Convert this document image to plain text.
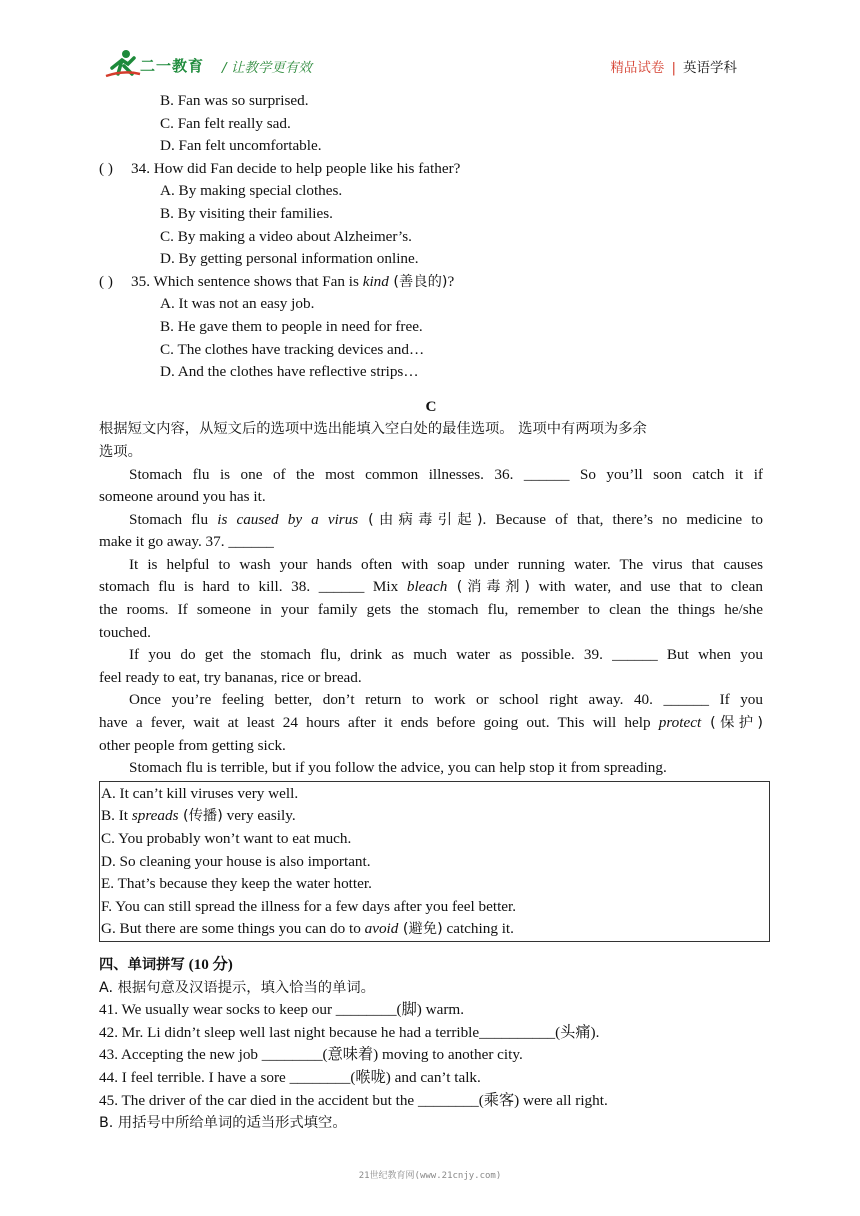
二一教育 / 让教学更有效	精品试卷 | 英语学科
B. Fan was so surprised.
C. Fan felt really sad.
D. Fan felt uncomfortable.
( ) 34. How did Fan decide to help people like his father?
A. By making special clothes.
B. By visiting their families.
C. By making a video about Alzheimer’s.
D. By getting personal information online.
( ) 35. Which sentence shows that Fan is kind (善良的)?
A. It was not an easy job.
B. He gave them to people in need for free.
C. The clothes have tracking devices and…
D. And the clothes have reflective strips…
C
根据短文内容，从短文后的选项中选出能填入空白处的最佳选项。 选项中有两项为多余
选项。
Stomach flu is one of the most common illnesses. 36. ______ So you’ll soon catch it if
someone around you has it.
Stomach flu is caused by a virus (由病毒引起). Because of that, there’s no medicine to
make it go away. 37. ______
It is helpful to wash your hands often with soap under running water. The virus that causes
stomach flu is hard to kill. 38. ______ Mix bleach (消毒剂) with water, and use that to clean
the rooms. If someone in your family gets the stomach flu, remember to clean the things he/she
touched.
If you do get the stomach flu, drink as much water as possible. 39. ______ But when you
feel ready to eat, try bananas, rice or bread.
Once you’re feeling better, don’t return to work or school right away. 40. ______ If you
have a fever, wait at least 24 hours after it ends before going out. This will help protect (保护)
other people from getting sick.
Stomach flu is terrible, but if you follow the advice, you can help stop it from spreading.
A. It can’t kill viruses very well.
B. It spreads (传播) very easily.
C. You probably won’t want to eat much.
D. So cleaning your house is also important.
E. That’s because they keep the water hotter.
F. You can still spread the illness for a few days after you feel better.
G. But there are some things you can do to avoid (避免) catching it.
四、单词拼写 (10 分)
A. 根据句意及汉语提示，填入恰当的单词。
41. We usually wear socks to keep our ________(脚) warm.
42. Mr. Li didn’t sleep well last night because he had a terrible__________(头痛).
43. Accepting the new job ________(意味着) moving to another city.
44. I feel terrible. I have a sore ________(喉咙) and can’t talk.
45. The driver of the car died in the accident but the ________(乘客) were all right.
B. 用括号中所给单词的适当形式填空。
21世纪教育网(www.21cnjy.com)
